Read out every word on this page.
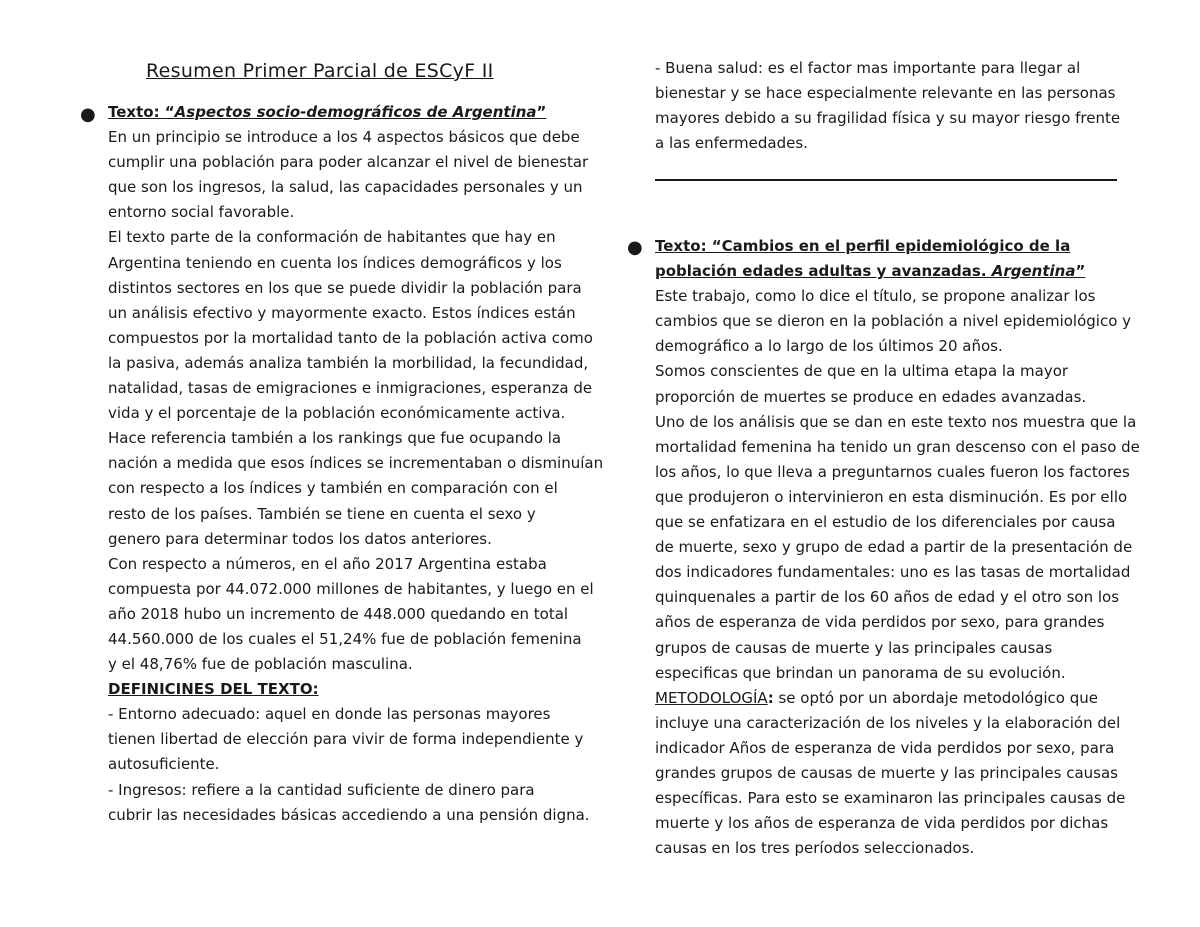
Resumen Primer Parcial de ESCyF II
● Texto: “Aspectos socio-demográficos de Argentina”
En un principio se introduce a los 4 aspectos básicos que debe
cumplir una población para poder alcanzar el nivel de bienestar
que son los ingresos, la salud, las capacidades personales y un
entorno social favorable.
El texto parte de la conformación de habitantes que hay en
Argentina teniendo en cuenta los índices demográficos y los
distintos sectores en los que se puede dividir la población para
un análisis efectivo y mayormente exacto. Estos índices están
compuestos por la mortalidad tanto de la población activa como
la pasiva, además analiza también la morbilidad, la fecundidad,
natalidad, tasas de emigraciones e inmigraciones, esperanza de
vida y el porcentaje de la población económicamente activa.
Hace referencia también a los rankings que fue ocupando la
nación a medida que esos índices se incrementaban o disminuían
con respecto a los índices y también en comparación con el
resto de los países. También se tiene en cuenta el sexo y
genero para determinar todos los datos anteriores.
Con respecto a números, en el año 2017 Argentina estaba
compuesta por 44.072.000 millones de habitantes, y luego en el
año 2018 hubo un incremento de 448.000 quedando en total
44.560.000 de los cuales el 51,24% fue de población femenina
y el 48,76% fue de población masculina.
DEFINICINES DEL TEXTO:
- Entorno adecuado: aquel en donde las personas mayores
tienen libertad de elección para vivir de forma independiente y
autosuficiente.
- Ingresos: refiere a la cantidad suficiente de dinero para
cubrir las necesidades básicas accediendo a una pensión digna.
- Buena salud: es el factor mas importante para llegar al
bienestar y se hace especialmente relevante en las personas
mayores debido a su fragilidad física y su mayor riesgo frente
a las enfermedades.
● Texto: “Cambios en el perfil epidemiológico de la
población edades adultas y avanzadas. Argentina”
Este trabajo, como lo dice el título, se propone analizar los
cambios que se dieron en la población a nivel epidemiológico y
demográfico a lo largo de los últimos 20 años.
Somos conscientes de que en la ultima etapa la mayor
proporción de muertes se produce en edades avanzadas.
Uno de los análisis que se dan en este texto nos muestra que la
mortalidad femenina ha tenido un gran descenso con el paso de
los años, lo que lleva a preguntarnos cuales fueron los factores
que produjeron o intervinieron en esta disminución. Es por ello
que se enfatizara en el estudio de los diferenciales por causa
de muerte, sexo y grupo de edad a partir de la presentación de
dos indicadores fundamentales: uno es las tasas de mortalidad
quinquenales a partir de los 60 años de edad y el otro son los
años de esperanza de vida perdidos por sexo, para grandes
grupos de causas de muerte y las principales causas
especificas que brindan un panorama de su evolución.
METODOLOGÍA: se optó por un abordaje metodológico que
incluye una caracterización de los niveles y la elaboración del
indicador Años de esperanza de vida perdidos por sexo, para
grandes grupos de causas de muerte y las principales causas
específicas. Para esto se examinaron las principales causas de
muerte y los años de esperanza de vida perdidos por dichas
causas en los tres períodos seleccionados.
